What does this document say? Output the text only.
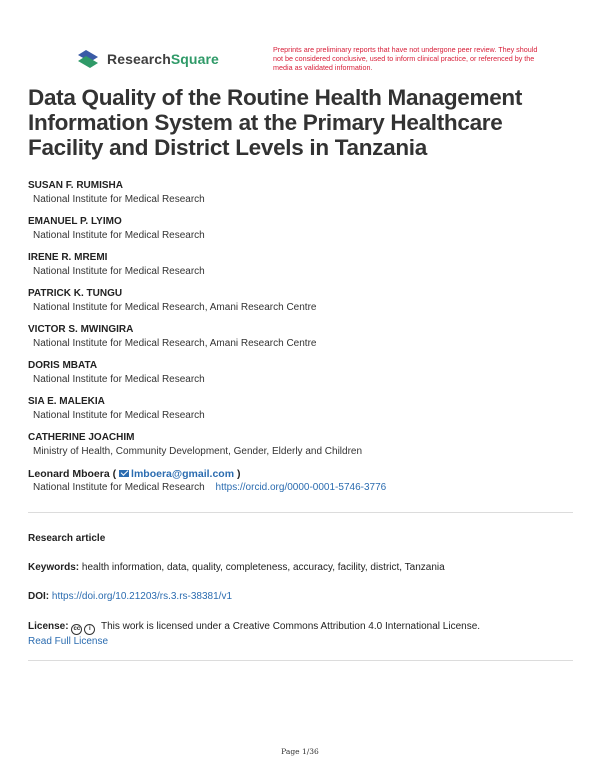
ResearchSquare
Preprints are preliminary reports that have not undergone peer review. They should not be considered conclusive, used to inform clinical practice, or referenced by the media as validated information.
Data Quality of the Routine Health Management Information System at the Primary Healthcare Facility and District Levels in Tanzania
SUSAN F. RUMISHA
National Institute for Medical Research
EMANUEL P. LYIMO
National Institute for Medical Research
IRENE R. MREMI
National Institute for Medical Research
PATRICK K. TUNGU
National Institute for Medical Research, Amani Research Centre
VICTOR S. MWINGIRA
National Institute for Medical Research, Amani Research Centre
DORIS MBATA
National Institute for Medical Research
SIA E. MALEKIA
National Institute for Medical Research
CATHERINE JOACHIM
Ministry of Health, Community Development, Gender, Elderly and Children
Leonard Mboera ( lmboera@gmail.com )
National Institute for Medical Research https://orcid.org/0000-0001-5746-3776
Research article
Keywords: health information, data, quality, completeness, accuracy, facility, district, Tanzania
DOI: https://doi.org/10.21203/rs.3.rs-38381/v1
License: cc	i	This work is licensed under a Creative Commons Attribution 4.0 International License.
Read Full License
Page 1/36
